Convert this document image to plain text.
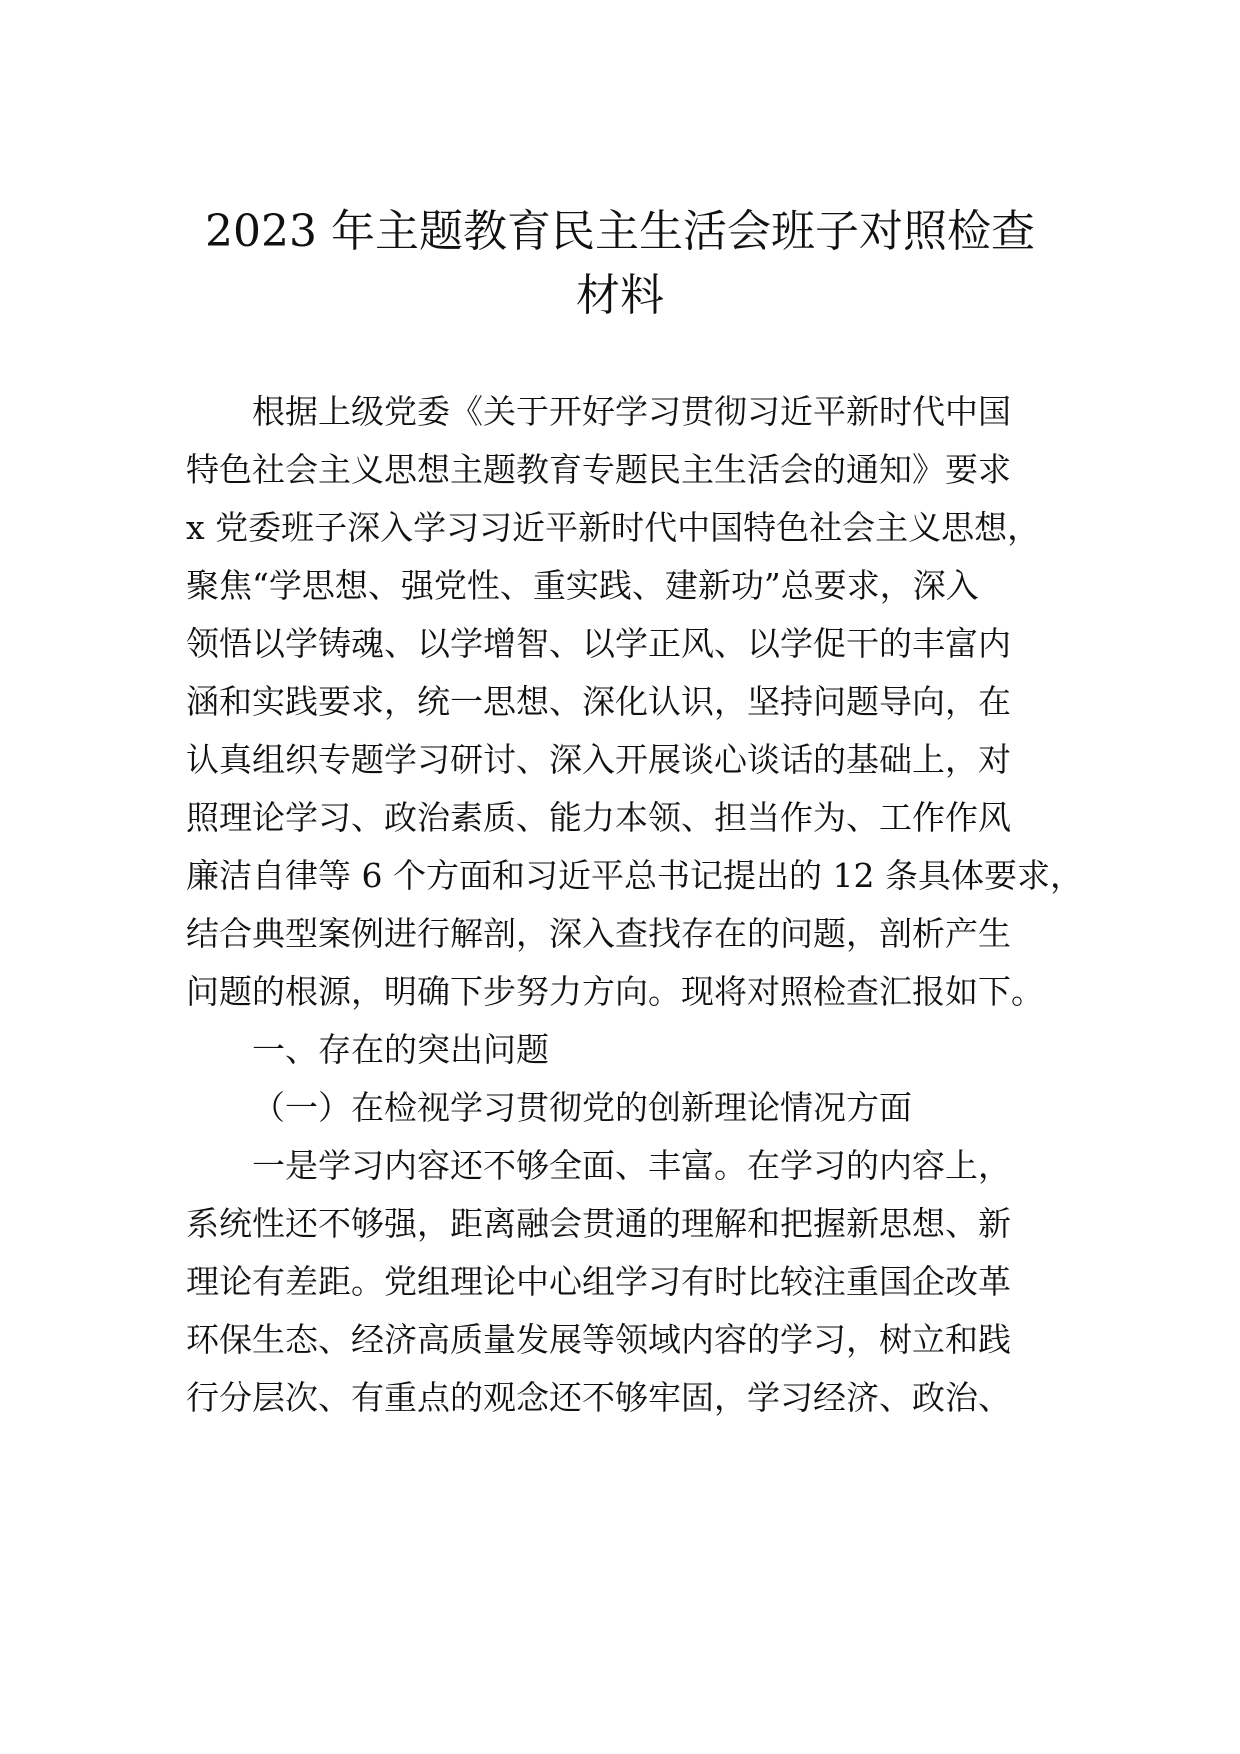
2023 年主题教育民主生活会班子对照检查
材料

根据上级党委《关于开好学习贯彻习近平新时代中国

特色社会主义思想主题教育专题民主生活会的通知》要求

x 党委班子深入学习习近平新时代中国特色社会主义思想，

聚焦“学思想、强党性、重实践、建新功”总要求，深入

领悟以学铸魂、以学增智、以学正风、以学促干的丰富内

涵和实践要求，统一思想、深化认识，坚持问题导向，在

认真组织专题学习研讨、深入开展谈心谈话的基础上，对

照理论学习、政治素质、能力本领、担当作为、工作作风

廉洁自律等 6 个方面和习近平总书记提出的 12 条具体要求，

结合典型案例进行解剖，深入查找存在的问题，剖析产生

问题的根源，明确下步努力方向。现将对照检查汇报如下。

一、存在的突出问题

（一）在检视学习贯彻党的创新理论情况方面

一是学习内容还不够全面、丰富。在学习的内容上，

系统性还不够强，距离融会贯通的理解和把握新思想、新

理论有差距。党组理论中心组学习有时比较注重国企改革

环保生态、经济高质量发展等领域内容的学习，树立和践

行分层次、有重点的观念还不够牢固，学习经济、政治、
